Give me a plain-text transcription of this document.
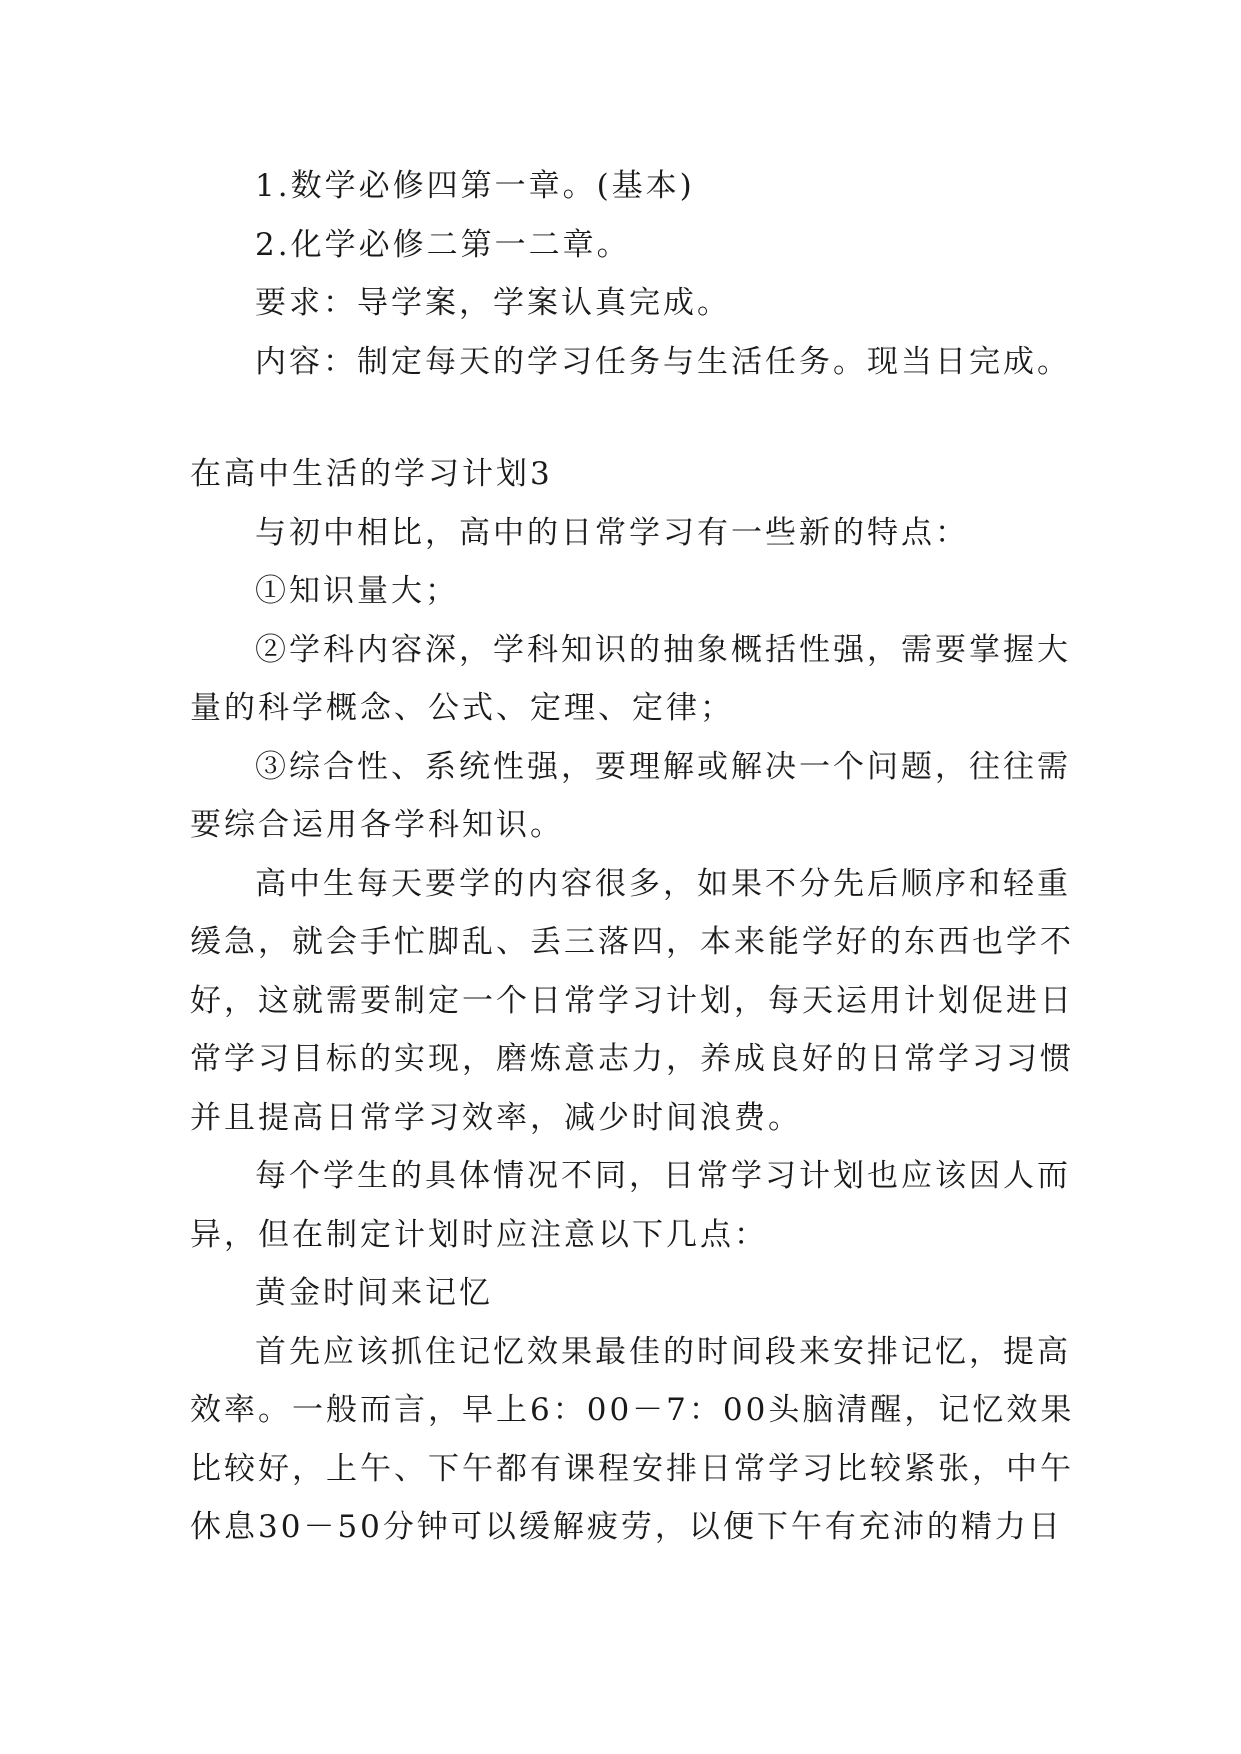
1.数学必修四第一章。(基本)
2.化学必修二第一二章。
要求：导学案，学案认真完成。
内容：制定每天的学习任务与生活任务。现当日完成。
在高中生活的学习计划3
与初中相比，高中的日常学习有一些新的特点：
①知识量大；
②学科内容深，学科知识的抽象概括性强，需要掌握大
量的科学概念、公式、定理、定律；
③综合性、系统性强，要理解或解决一个问题，往往需
要综合运用各学科知识。
高中生每天要学的内容很多，如果不分先后顺序和轻重
缓急，就会手忙脚乱、丢三落四，本来能学好的东西也学不
好，这就需要制定一个日常学习计划，每天运用计划促进日
常学习目标的实现，磨炼意志力，养成良好的日常学习习惯
并且提高日常学习效率，减少时间浪费。
每个学生的具体情况不同，日常学习计划也应该因人而
异，但在制定计划时应注意以下几点：
黄金时间来记忆
首先应该抓住记忆效果最佳的时间段来安排记忆，提高
效率。一般而言，早上6：00－7：00头脑清醒，记忆效果
比较好，上午、下午都有课程安排日常学习比较紧张，中午
休息30－50分钟可以缓解疲劳，以便下午有充沛的精力日
